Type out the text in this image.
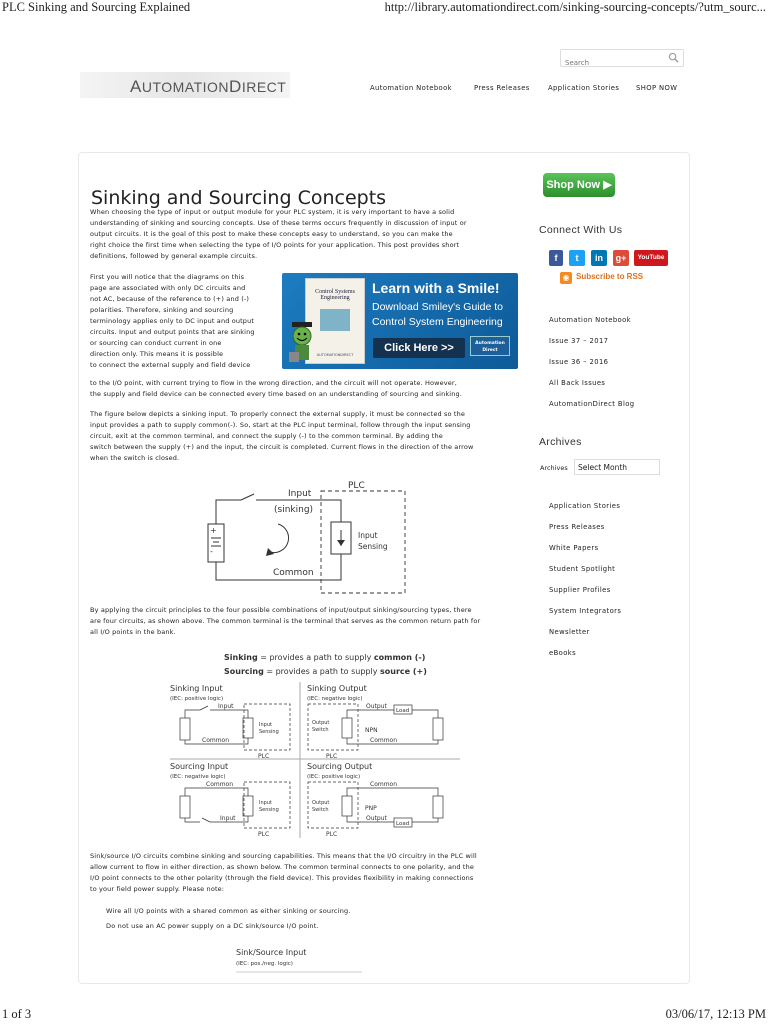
PLC Sinking and Sourcing Explained	http://library.automationdirect.com/sinking-sourcing-concepts/?utm_sourc...
1 of 3	03/06/17, 12:13 PM
Search
AUTOMATIONDIRECT	Automation Notebook	Press Releases	Application Stories SHOP NOW
Sinking and Sourcing Concepts

When choosing the type of input or output module for your PLC system, it is very important to have a solid

understanding of sinking and sourcing concepts. Use of these terms occurs frequently in discussion of input or

output circuits. It is the goal of this post to make these concepts easy to understand, so you can make the

right choice the first time when selecting the type of I/O points for your application. This post provides short

definitions, followed by general example circuits.

First you will notice that the diagrams on this

page are associated with only DC circuits and

not AC, because of the reference to (+) and (-)

polarities. Therefore, sinking and sourcing

terminology applies only to DC input and output

circuits. Input and output points that are sinking

or sourcing can conduct current in one

direction only. This means it is possible

to connect the external supply and field device

to the I/O point, with current trying to flow in the wrong direction, and the circuit will not operate. However,

the supply and field device can be connected every time based on an understanding of sourcing and sinking.

Control Systems
Engineering
AUTOMATIONDIRECT
Learn with a Smile!
Download Smiley's Guide to
Control System Engineering
Click Here >>	Automation
Direct

The figure below depicts a sinking input. To properly connect the external supply, it must be connected so the

input provides a path to supply common(-). So, start at the PLC input terminal, follow through the input sensing

circuit, exit at the common terminal, and connect the supply (-) to the common terminal. By adding the

switch between the supply (+) and the input, the circuit is completed. Current flows in the direction of the arrow

when the switch is closed.

PLC
Input
(sinking)
Input
Sensing
Common
+
-

By applying the circuit principles to the four possible combinations of input/output sinking/sourcing types, there

are four circuits, as shown above. The common terminal is the terminal that serves as the common return path for

all I/O points in the bank.

Sinking = provides a path to supply common (-)
Sourcing = provides a path to supply source (+)
Sinking Input
(IEC: positive logic)
Sinking Output
(IEC: negative logic)
Sourcing Input
(IEC: negative logic)
Sourcing Output
(IEC: positive logic)
Input
Common
Input
Sensing
PLC
Output
Switch	NPN
Load
Output
Common
PLC
Common
Input
Input
Sensing
PLC
Output
Switch	PNP
Load
Common
Output
PLC

Sink/source I/O circuits combine sinking and sourcing capabilities. This means that the I/O circuitry in the PLC will

allow current to flow in either direction, as shown below. The common terminal connects to one polarity, and the

I/O point connects to the other polarity (through the field device). This provides flexibility in making connections

to your field power supply. Please note:

Wire all I/O points with a shared common as either sinking or sourcing.
Do not use an AC power supply on a DC sink/source I/O point.
Sink/Source Input
(IEC: pos./neg. logic)
Shop Now ▶
Connect With Us
f	t	in	g+	YouTube
◉ Subscribe to RSS
Automation Notebook
Issue 37 – 2017
Issue 36 – 2016
All Back Issues
AutomationDirect Blog
Archives
Archives	Select Month
Application Stories
Press Releases
White Papers
Student Spotlight
Supplier Profiles
System Integrators
Newsletter
eBooks
